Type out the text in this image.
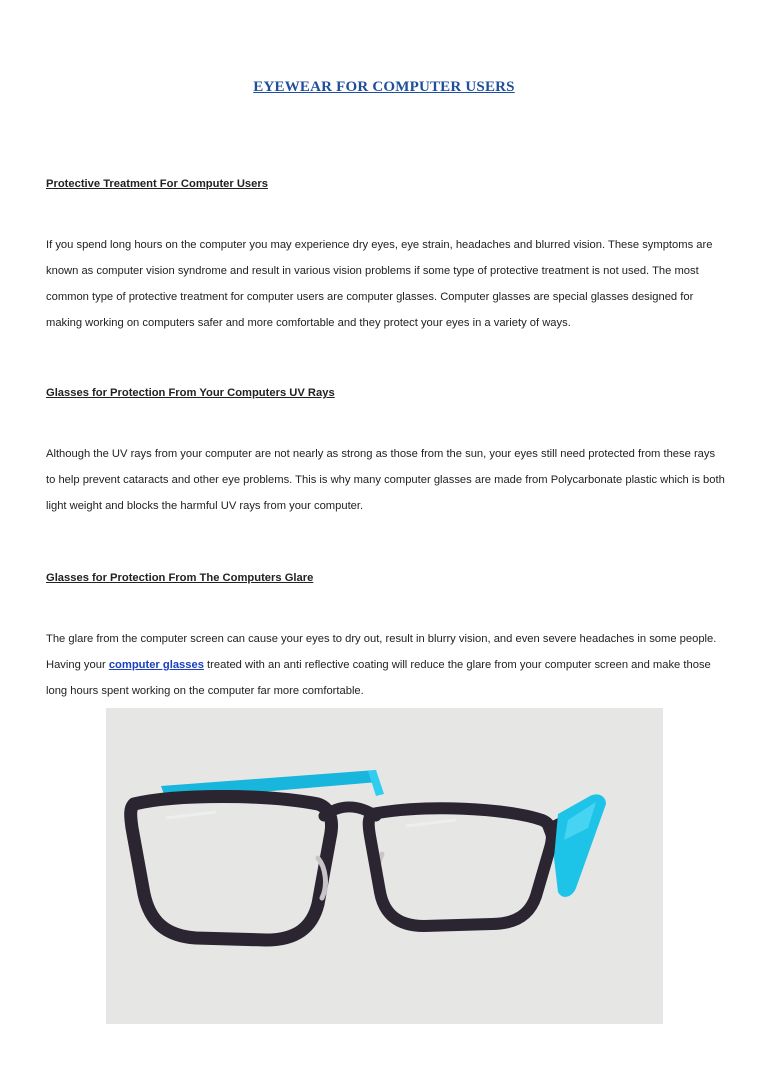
EYEWEAR FOR COMPUTER USERS
Protective Treatment For Computer Users

If you spend long hours on the computer you may experience dry eyes, eye strain, headaches and blurred vision. These symptoms are known as computer vision syndrome and result in various vision problems if some type of protective treatment is not used. The most common type of protective treatment for computer users are computer glasses. Computer glasses are special glasses designed for making working on computers safer and more comfortable and they protect your eyes in a variety of ways.

Glasses for Protection From Your Computers UV Rays

Although the UV rays from your computer are not nearly as strong as those from the sun, your eyes still need protected from these rays to help prevent cataracts and other eye problems. This is why many computer glasses are made from Polycarbonate plastic which is both light weight and blocks the harmful UV rays from your computer.

Glasses for Protection From The Computers Glare

The glare from the computer screen can cause your eyes to dry out, result in blurry vision, and even severe headaches in some people. Having your computer glasses treated with an anti reflective coating will reduce the glare from your computer screen and make those long hours spent working on the computer far more comfortable.
